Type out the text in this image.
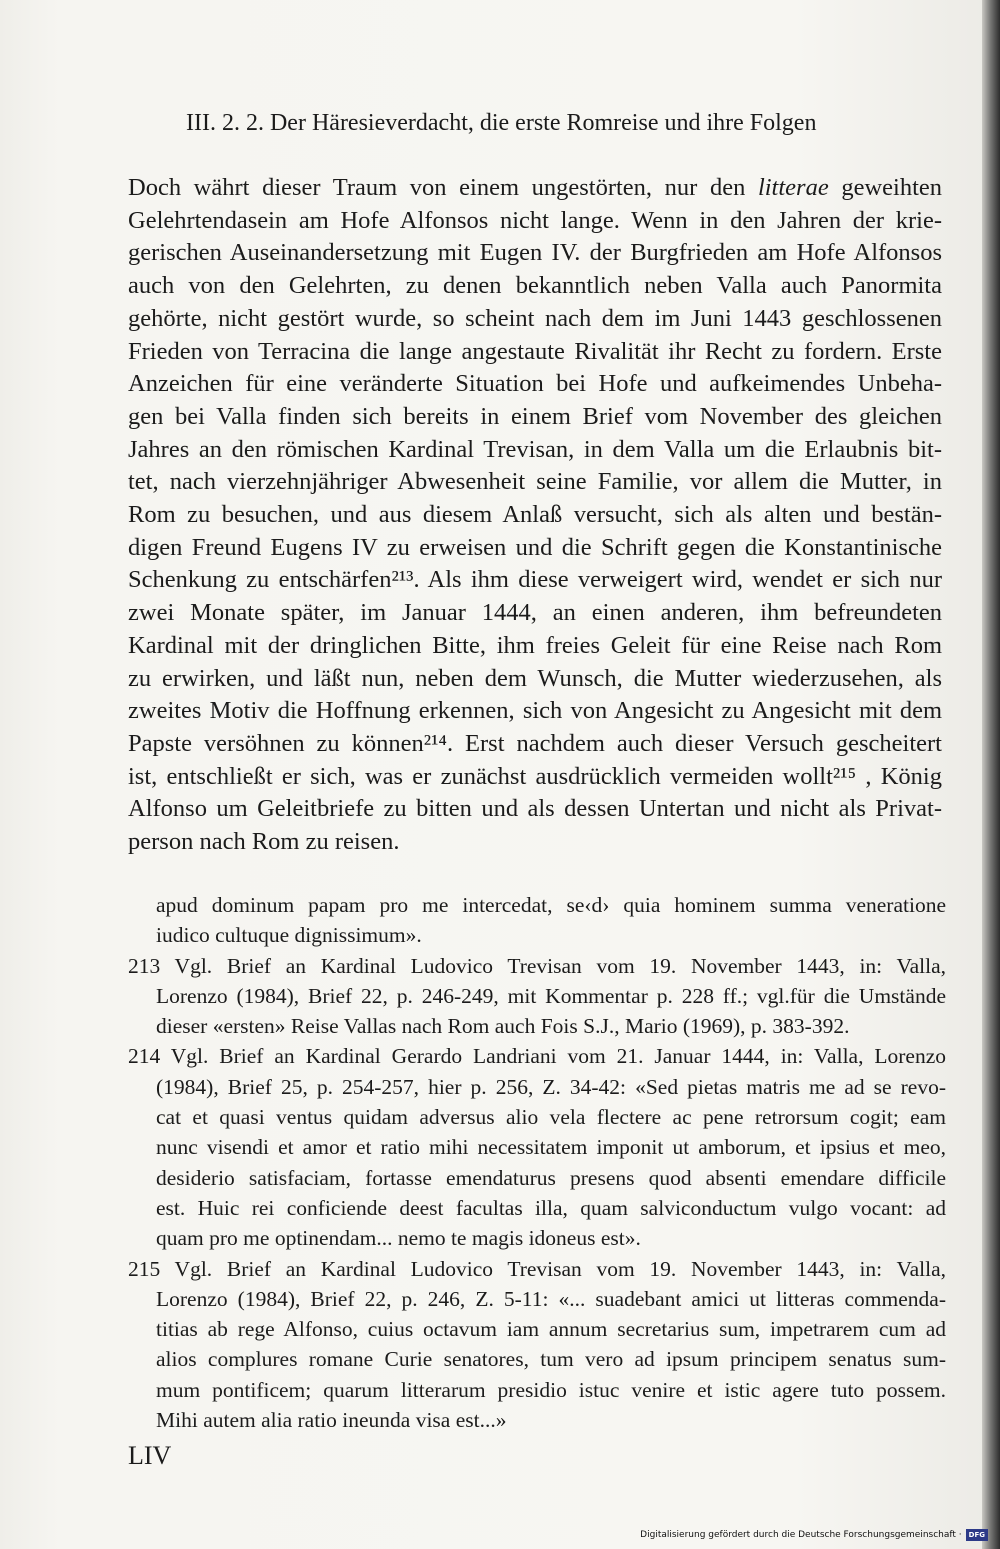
III. 2. 2. Der Häresieverdacht, die erste Romreise und ihre Folgen
Doch währt dieser Traum von einem ungestörten, nur den litterae geweihten
Gelehrtendasein am Hofe Alfonsos nicht lange. Wenn in den Jahren der krie-
gerischen Auseinandersetzung mit Eugen IV. der Burgfrieden am Hofe Alfonsos
auch von den Gelehrten, zu denen bekanntlich neben Valla auch Panormita
gehörte, nicht gestört wurde, so scheint nach dem im Juni 1443 geschlossenen
Frieden von Terracina die lange angestaute Rivalität ihr Recht zu fordern. Erste
Anzeichen für eine veränderte Situation bei Hofe und aufkeimendes Unbeha-
gen bei Valla finden sich bereits in einem Brief vom November des gleichen
Jahres an den römischen Kardinal Trevisan, in dem Valla um die Erlaubnis bit-
tet, nach vierzehnjähriger Abwesenheit seine Familie, vor allem die Mutter, in
Rom zu besuchen, und aus diesem Anlaß versucht, sich als alten und bestän-
digen Freund Eugens IV zu erweisen und die Schrift gegen die Konstantinische
Schenkung zu entschärfen²¹³. Als ihm diese verweigert wird, wendet er sich nur
zwei Monate später, im Januar 1444, an einen anderen, ihm befreundeten
Kardinal mit der dringlichen Bitte, ihm freies Geleit für eine Reise nach Rom
zu erwirken, und läßt nun, neben dem Wunsch, die Mutter wiederzusehen, als
zweites Motiv die Hoffnung erkennen, sich von Angesicht zu Angesicht mit dem
Papste versöhnen zu können²¹⁴. Erst nachdem auch dieser Versuch gescheitert
ist, entschließt er sich, was er zunächst ausdrücklich vermeiden wollt²¹⁵ , König
Alfonso um Geleitbriefe zu bitten und als dessen Untertan und nicht als Privat-
person nach Rom zu reisen.
apud dominum papam pro me intercedat, se‹d› quia hominem summa veneratione
iudico cultuque dignissimum».
213 Vgl. Brief an Kardinal Ludovico Trevisan vom 19. November 1443, in: Valla,
Lorenzo (1984), Brief 22, p. 246-249, mit Kommentar p. 228 ff.; vgl.für die Umstände
dieser «ersten» Reise Vallas nach Rom auch Fois S.J., Mario (1969), p. 383-392.
214 Vgl. Brief an Kardinal Gerardo Landriani vom 21. Januar 1444, in: Valla, Lorenzo
(1984), Brief 25, p. 254-257, hier p. 256, Z. 34-42: «Sed pietas matris me ad se revo-
cat et quasi ventus quidam adversus alio vela flectere ac pene retrorsum cogit; eam
nunc visendi et amor et ratio mihi necessitatem imponit ut amborum, et ipsius et meo,
desiderio satisfaciam, fortasse emendaturus presens quod absenti emendare difficile
est. Huic rei conficiende deest facultas illa, quam salviconductum vulgo vocant: ad
quam pro me optinendam... nemo te magis idoneus est».
215 Vgl. Brief an Kardinal Ludovico Trevisan vom 19. November 1443, in: Valla,
Lorenzo (1984), Brief 22, p. 246, Z. 5-11: «... suadebant amici ut litteras commenda-
titias ab rege Alfonso, cuius octavum iam annum secretarius sum, impetrarem cum ad
alios complures romane Curie senatores, tum vero ad ipsum principem senatus sum-
mum pontificem; quarum litterarum presidio istuc venire et istic agere tuto possem.
Mihi autem alia ratio ineunda visa est...»
LIV
Digitalisierung gefördert durch die Deutsche Forschungsgemeinschaft ·	DFG
